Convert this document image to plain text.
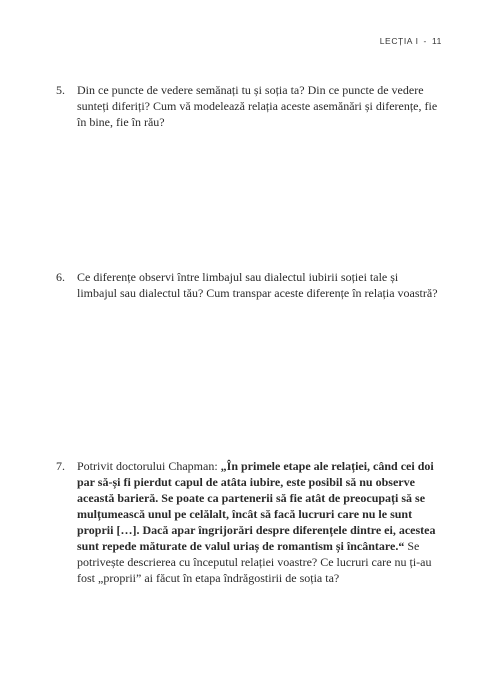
LECȚIA I - 11
5. Din ce puncte de vedere semănați tu și soția ta? Din ce puncte de vedere sunteți diferiți? Cum vă modelează relația aceste asemănări și diferențe, fie în bine, fie în rău?
6. Ce diferențe observi între limbajul sau dialectul iubirii soției tale și limbajul sau dialectul tău? Cum transpar aceste diferențe în relația voastră?
7. Potrivit doctorului Chapman: „În primele etape ale relației, când cei doi par să-și fi pierdut capul de atâta iubire, este posibil să nu observe această barieră. Se poate ca partenerii să fie atât de preocupați să se mulțumească unul pe celălalt, încât să facă lucruri care nu le sunt proprii […]. Dacă apar îngrijorări despre diferențele dintre ei, acestea sunt repede măturate de valul uriaș de romantism și încântare.“ Se potrivește descrierea cu începutul relației voastre? Ce lucruri care nu ți-au fost „proprii” ai făcut în etapa îndrăgostirii de soția ta?
